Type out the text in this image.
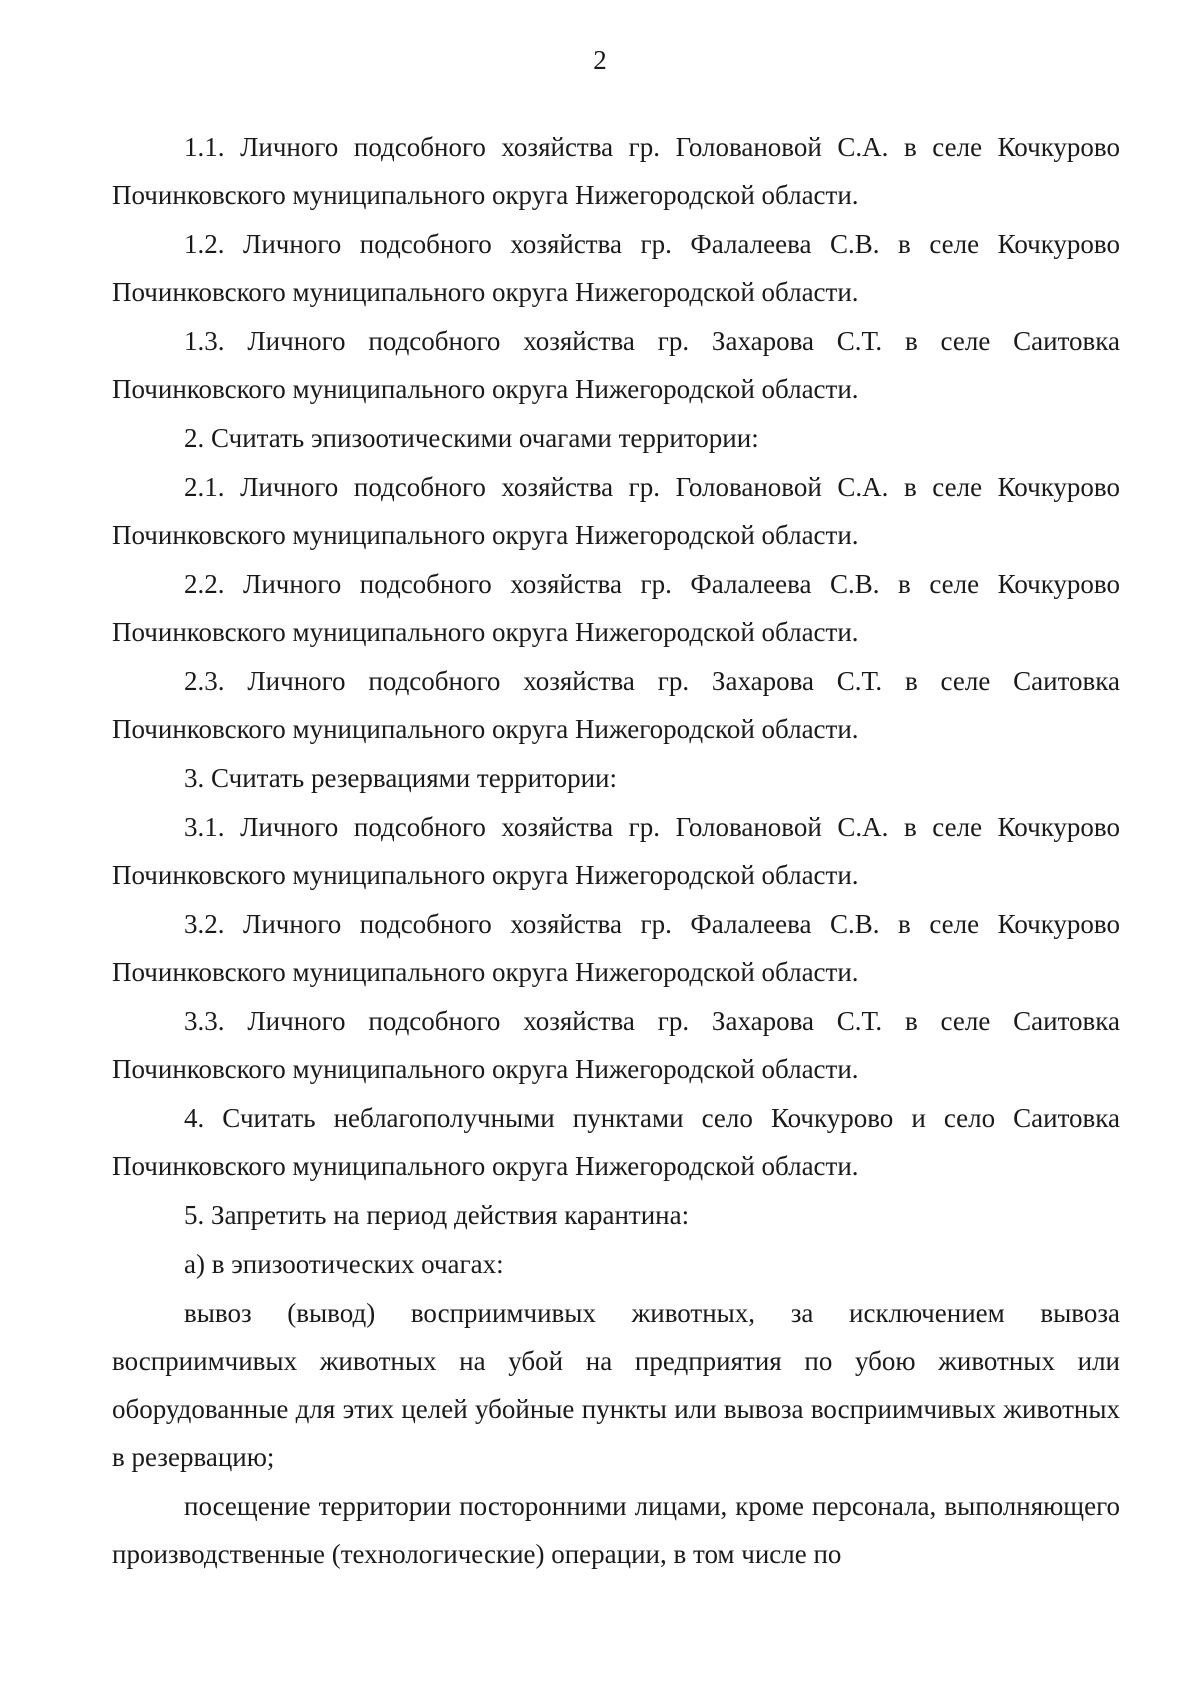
2

1.1. Личного подсобного хозяйства гр. Головановой С.А. в селе Кочкурово Починковского муниципального округа Нижегородской области.

1.2. Личного подсобного хозяйства гр. Фалалеева С.В. в селе Кочкурово Починковского муниципального округа Нижегородской области.

1.3. Личного подсобного хозяйства гр. Захарова С.Т. в селе Саитовка Починковского муниципального округа Нижегородской области.

2. Считать эпизоотическими очагами территории:

2.1. Личного подсобного хозяйства гр. Головановой С.А. в селе Кочкурово Починковского муниципального округа Нижегородской области.

2.2. Личного подсобного хозяйства гр. Фалалеева С.В. в селе Кочкурово Починковского муниципального округа Нижегородской области.

2.3. Личного подсобного хозяйства гр. Захарова С.Т. в селе Саитовка Починковского муниципального округа Нижегородской области.

3. Считать резервациями территории:

3.1. Личного подсобного хозяйства гр. Головановой С.А. в селе Кочкурово Починковского муниципального округа Нижегородской области.

3.2. Личного подсобного хозяйства гр. Фалалеева С.В. в селе Кочкурово Починковского муниципального округа Нижегородской области.

3.3. Личного подсобного хозяйства гр. Захарова С.Т. в селе Саитовка Починковского муниципального округа Нижегородской области.

4. Считать неблагополучными пунктами село Кочкурово и село Саитовка Починковского муниципального округа Нижегородской области.

5. Запретить на период действия карантина:

а) в эпизоотических очагах:

вывоз (вывод) восприимчивых животных, за исключением вывоза восприимчивых животных на убой на предприятия по убою животных или оборудованные для этих целей убойные пункты или вывоза восприимчивых животных в резервацию;

посещение территории посторонними лицами, кроме персонала, выполняющего производственные (технологические) операции, в том числе по
